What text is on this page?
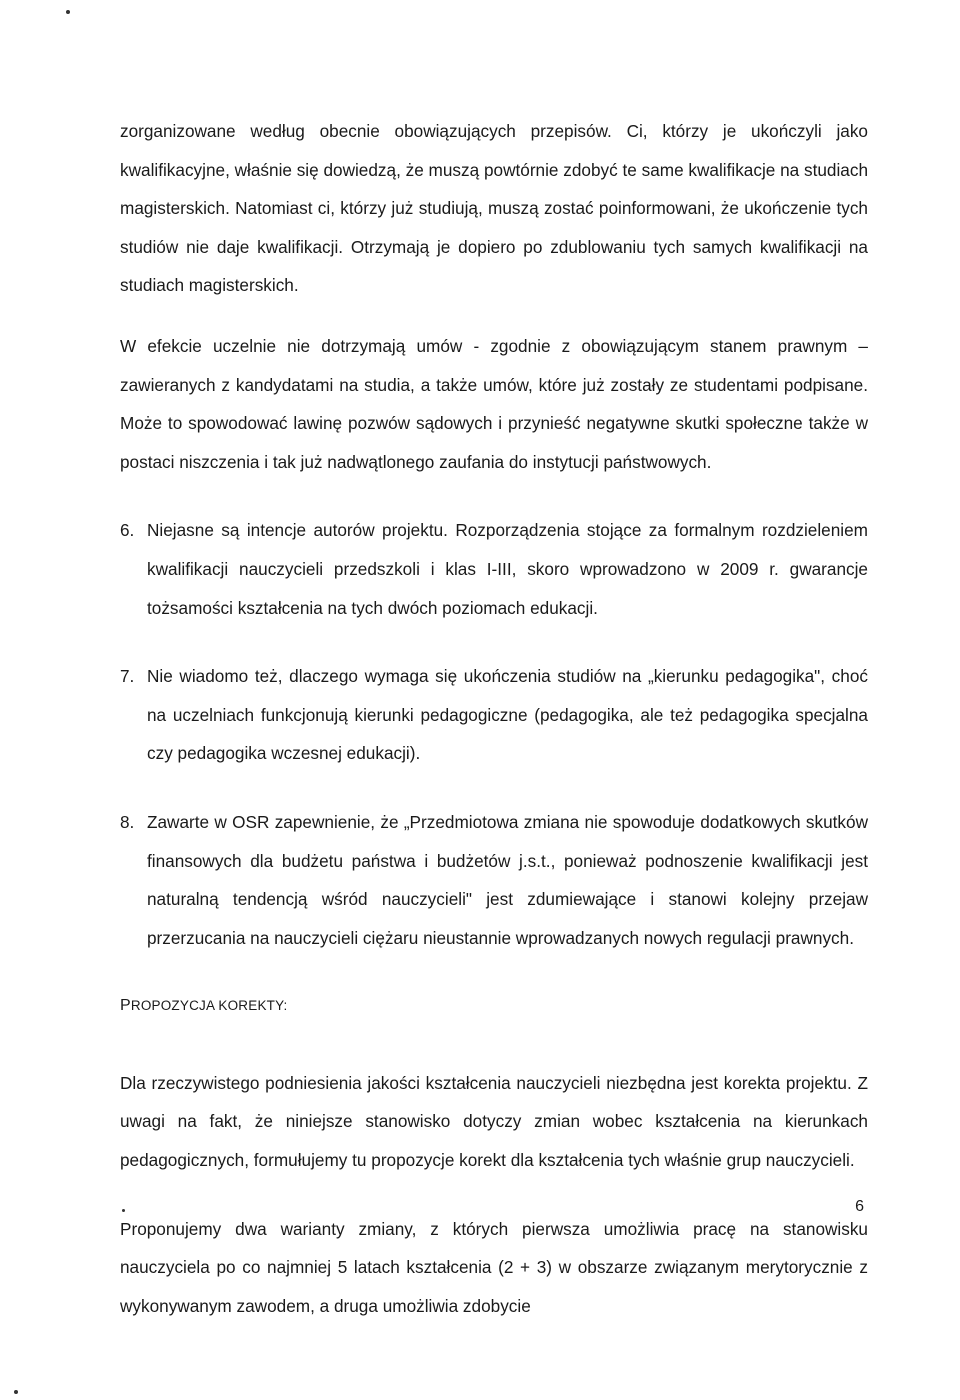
zorganizowane według obecnie obowiązujących przepisów. Ci, którzy je ukończyli jako kwalifikacyjne, właśnie się dowiedzą, że muszą powtórnie zdobyć te same kwalifikacje na studiach magisterskich. Natomiast ci, którzy już studiują, muszą zostać poinformowani, że ukończenie tych studiów nie daje kwalifikacji. Otrzymają je dopiero po zdublowaniu tych samych kwalifikacji na studiach magisterskich.

W efekcie uczelnie nie dotrzymają umów - zgodnie z obowiązującym stanem prawnym – zawieranych z kandydatami na studia, a także umów, które już zostały ze studentami podpisane. Może to spowodować lawinę pozwów sądowych i przynieść negatywne skutki społeczne także w postaci niszczenia i tak już nadwątlonego zaufania do instytucji państwowych.

6. Niejasne są intencje autorów projektu. Rozporządzenia stojące za formalnym rozdzieleniem kwalifikacji nauczycieli przedszkoli i klas I-III, skoro wprowadzono w 2009 r. gwarancje tożsamości kształcenia na tych dwóch poziomach edukacji.
7. Nie wiadomo też, dlaczego wymaga się ukończenia studiów na „kierunku pedagogika", choć na uczelniach funkcjonują kierunki pedagogiczne (pedagogika, ale też pedagogika specjalna czy pedagogika wczesnej edukacji).
8. Zawarte w OSR zapewnienie, że „Przedmiotowa zmiana nie spowoduje dodatkowych skutków finansowych dla budżetu państwa i budżetów j.s.t., ponieważ podnoszenie kwalifikacji jest naturalną tendencją wśród nauczycieli" jest zdumiewające i stanowi kolejny przejaw przerzucania na nauczycieli ciężaru nieustannie wprowadzanych nowych regulacji prawnych.

PROPOZYCJA KOREKTY:

Dla rzeczywistego podniesienia jakości kształcenia nauczycieli niezbędna jest korekta projektu. Z uwagi na fakt, że niniejsze stanowisko dotyczy zmian wobec kształcenia na kierunkach pedagogicznych, formułujemy tu propozycje korekt dla kształcenia tych właśnie grup nauczycieli.

Proponujemy dwa warianty zmiany, z których pierwsza umożliwia pracę na stanowisku nauczyciela po co najmniej 5 latach kształcenia (2 + 3) w obszarze związanym merytorycznie z wykonywanym zawodem, a druga umożliwia zdobycie

6
